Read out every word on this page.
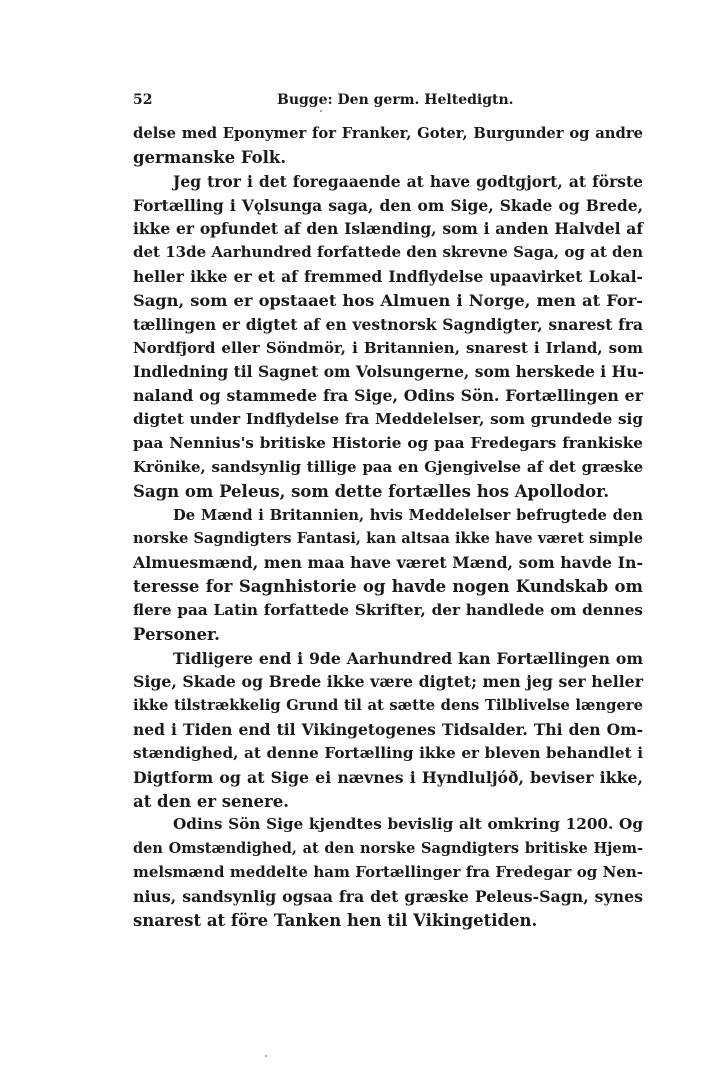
52	Bugge: Den germ. Heltedigtn.
delse med Eponymer for Franker, Goter, Burgunder og andre
germanske Folk.
Jeg tror i det foregaaende at have godtgjort, at förste
Fortælling i Vǫlsunga saga, den om Sige, Skade og Brede,
ikke er opfundet af den Islænding, som i anden Halvdel af
det 13de Aarhundred forfattede den skrevne Saga, og at den
heller ikke er et af fremmed Indflydelse upaavirket Lokal-
Sagn, som er opstaaet hos Almuen i Norge, men at For-
tællingen er digtet af en vestnorsk Sagndigter, snarest fra
Nordfjord eller Söndmör, i Britannien, snarest i Irland, som
Indledning til Sagnet om Volsungerne, som herskede i Hu-
naland og stammede fra Sige, Odins Sön. Fortællingen er
digtet under Indflydelse fra Meddelelser, som grundede sig
paa Nennius's britiske Historie og paa Fredegars frankiske
Krönike, sandsynlig tillige paa en Gjengivelse af det græske
Sagn om Peleus, som dette fortælles hos Apollodor.
De Mænd i Britannien, hvis Meddelelser befrugtede den
norske Sagndigters Fantasi, kan altsaa ikke have været simple
Almuesmænd, men maa have været Mænd, som havde In-
teresse for Sagnhistorie og havde nogen Kundskab om
flere paa Latin forfattede Skrifter, der handlede om dennes
Personer.
Tidligere end i 9de Aarhundred kan Fortællingen om
Sige, Skade og Brede ikke være digtet; men jeg ser heller
ikke tilstrækkelig Grund til at sætte dens Tilblivelse længere
ned i Tiden end til Vikingetogenes Tidsalder. Thi den Om-
stændighed, at denne Fortælling ikke er bleven behandlet i
Digtform og at Sige ei nævnes i Hyndluljóð, beviser ikke,
at den er senere.
Odins Sön Sige kjendtes bevislig alt omkring 1200. Og
den Omstændighed, at den norske Sagndigters britiske Hjem-
melsmænd meddelte ham Fortællinger fra Fredegar og Nen-
nius, sandsynlig ogsaa fra det græske Peleus-Sagn, synes
snarest at före Tanken hen til Vikingetiden.
